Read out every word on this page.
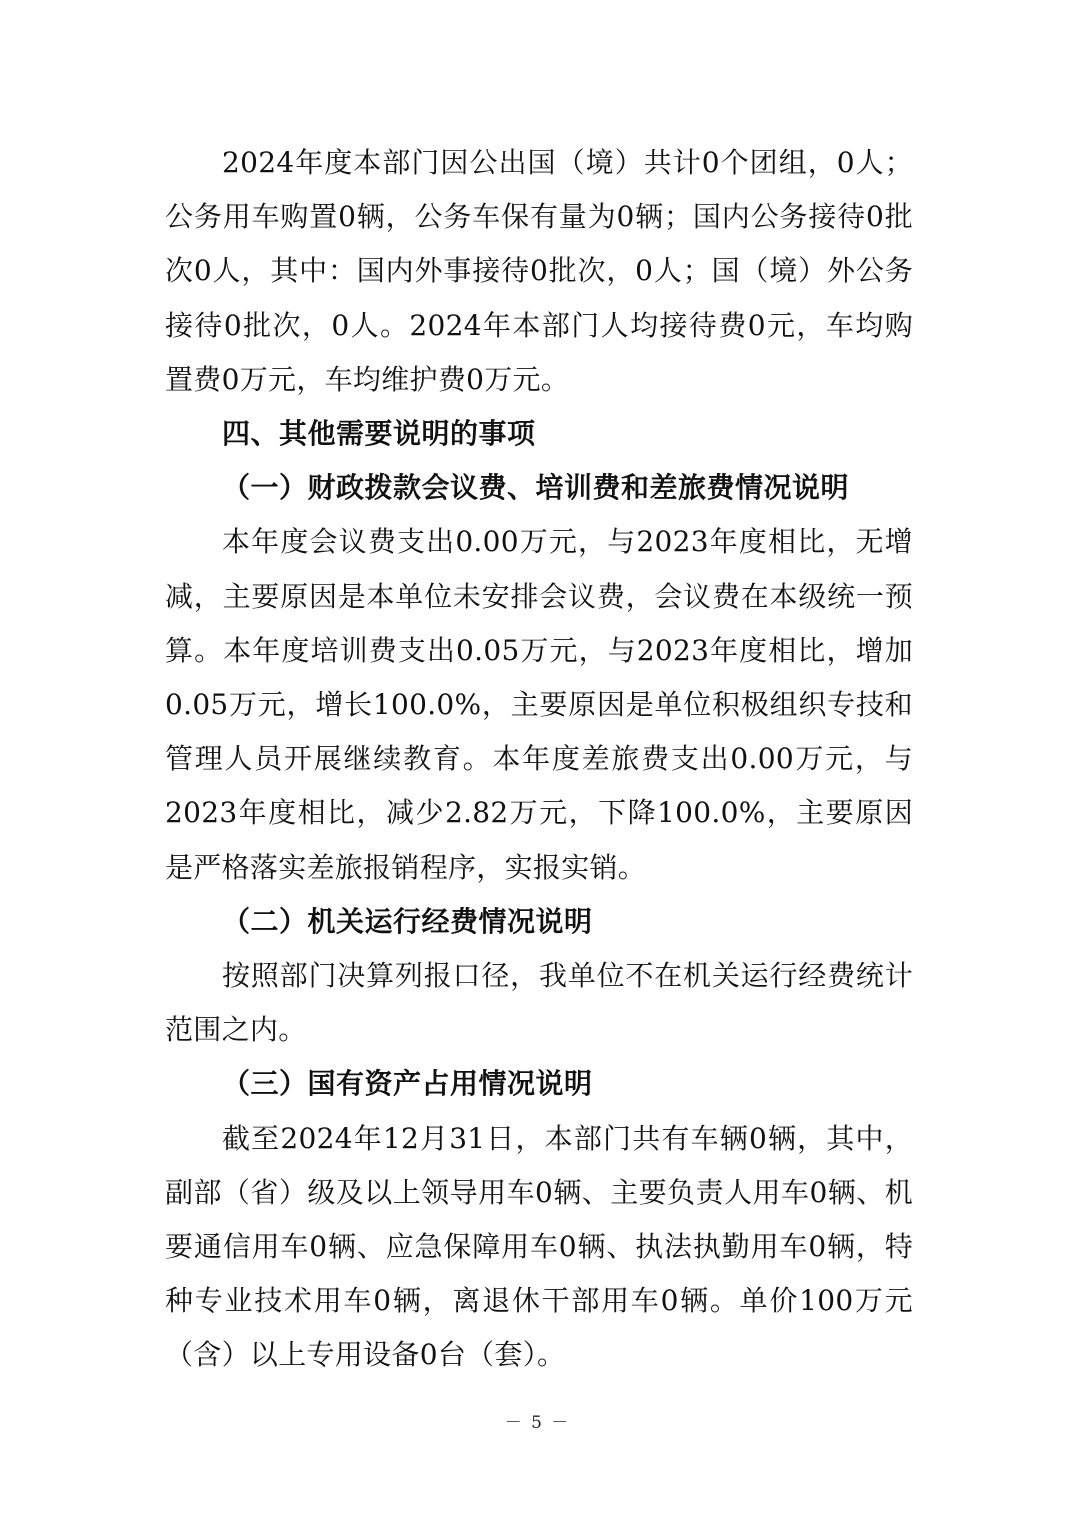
2024年度本部门因公出国（境）共计0个团组，0人；公务用车购置0辆，公务车保有量为0辆；国内公务接待0批次0人，其中：国内外事接待0批次，0人；国（境）外公务接待0批次，0人。2024年本部门人均接待费0元，车均购置费0万元，车均维护费0万元。

四、其他需要说明的事项

（一）财政拨款会议费、培训费和差旅费情况说明

本年度会议费支出0.00万元，与2023年度相比，无增减，主要原因是本单位未安排会议费，会议费在本级统一预算。本年度培训费支出0.05万元，与2023年度相比，增加0.05万元，增长100.0%，主要原因是单位积极组织专技和管理人员开展继续教育。本年度差旅费支出0.00万元，与2023年度相比，减少2.82万元，下降100.0%，主要原因是严格落实差旅报销程序，实报实销。

（二）机关运行经费情况说明

按照部门决算列报口径，我单位不在机关运行经费统计范围之内。

（三）国有资产占用情况说明

截至2024年12月31日，本部门共有车辆0辆，其中，副部（省）级及以上领导用车0辆、主要负责人用车0辆、机要通信用车0辆、应急保障用车0辆、执法执勤用车0辆，特种专业技术用车0辆，离退休干部用车0辆。单价100万元（含）以上专用设备0台（套）。

－ 5 －
